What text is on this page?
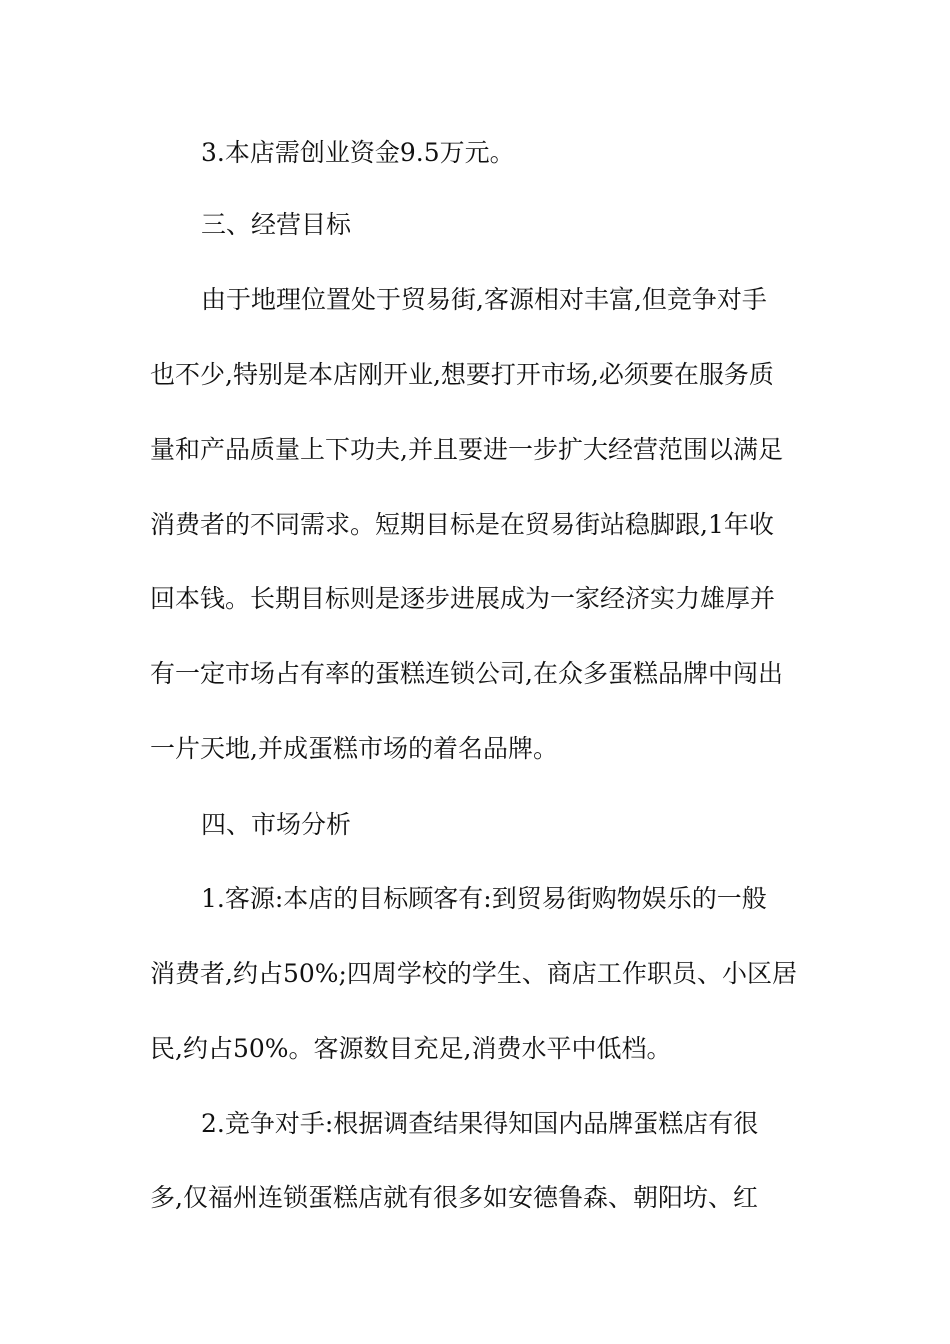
3.本店需创业资金9.5万元。
三、经营目标
由于地理位置处于贸易街,客源相对丰富,但竞争对手
也不少,特别是本店刚开业,想要打开市场,必须要在服务质
量和产品质量上下功夫,并且要进一步扩大经营范围以满足
消费者的不同需求。短期目标是在贸易街站稳脚跟,1年收
回本钱。长期目标则是逐步进展成为一家经济实力雄厚并
有一定市场占有率的蛋糕连锁公司,在众多蛋糕品牌中闯出
一片天地,并成蛋糕市场的着名品牌。
四、市场分析
1.客源:本店的目标顾客有:到贸易街购物娱乐的一般
消费者,约占50%;四周学校的学生、商店工作职员、小区居
民,约占50%。客源数目充足,消费水平中低档。
2.竞争对手:根据调查结果得知国内品牌蛋糕店有很
多,仅福州连锁蛋糕店就有很多如安德鲁森、朝阳坊、红
